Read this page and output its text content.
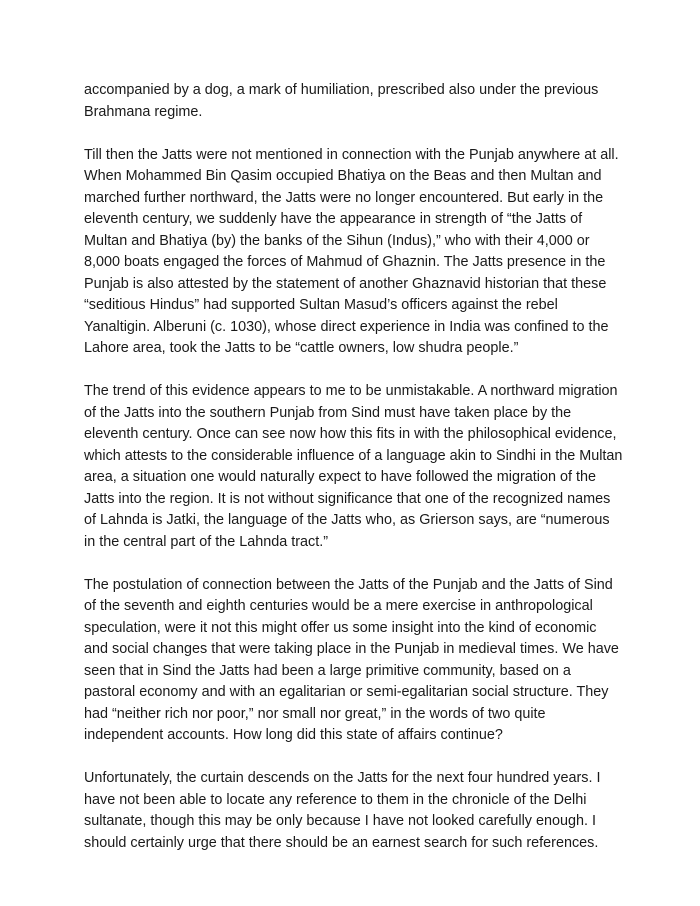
accompanied by a dog, a mark of humiliation, prescribed also under the previous Brahmana regime.

Till then the Jatts were not mentioned in connection with the Punjab anywhere at all. When Mohammed Bin Qasim occupied Bhatiya on the Beas and then Multan and marched further northward, the Jatts were no longer encountered. But early in the eleventh century, we suddenly have the appearance in strength of “the Jatts of Multan and Bhatiya (by) the banks of the Sihun (Indus),” who with their 4,000 or 8,000 boats engaged the forces of Mahmud of Ghaznin. The Jatts presence in the Punjab is also attested by the statement of another Ghaznavid historian that these “seditious Hindus” had supported Sultan Masud’s officers against the rebel Yanaltigin. Alberuni (c. 1030), whose direct experience in India was confined to the Lahore area, took the Jatts to be “cattle owners, low shudra people.”

The trend of this evidence appears to me to be unmistakable. A northward migration of the Jatts into the southern Punjab from Sind must have taken place by the eleventh century. Once can see now how this fits in with the philosophical evidence, which attests to the considerable influence of a language akin to Sindhi in the Multan area, a situation one would naturally expect to have followed the migration of the Jatts into the region. It is not without significance that one of the recognized names of Lahnda is Jatki, the language of the Jatts who, as Grierson says, are “numerous in the central part of the Lahnda tract.”

The postulation of connection between the Jatts of the Punjab and the Jatts of Sind of the seventh and eighth centuries would be a mere exercise in anthropological speculation, were it not this might offer us some insight into the kind of economic and social changes that were taking place in the Punjab in medieval times. We have seen that in Sind the Jatts had been a large primitive community, based on a pastoral economy and with an egalitarian or semi-egalitarian social structure. They had “neither rich nor poor,” nor small nor great,” in the words of two quite independent accounts. How long did this state of affairs continue?

Unfortunately, the curtain descends on the Jatts for the next four hundred years. I have not been able to locate any reference to them in the chronicle of the Delhi sultanate, though this may be only because I have not looked carefully enough. I should certainly urge that there should be an earnest search for such references.
